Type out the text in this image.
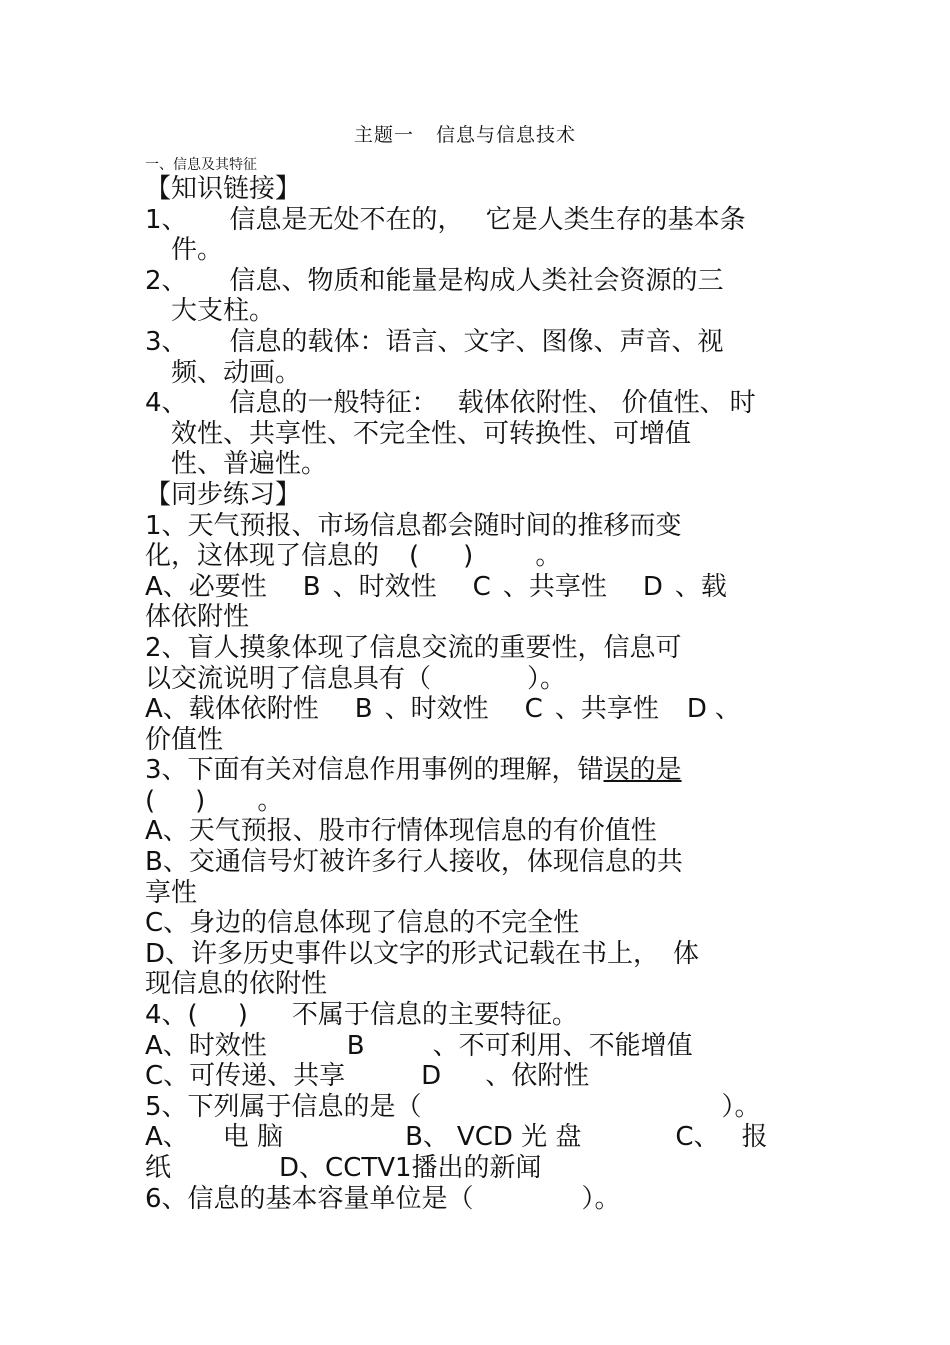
主题一 信息与信息技术
一、信息及其特征
【知识链接】
1、 信息是无处不在的， 它是人类生存的基本条
件。
2、 信息、物质和能量是构成人类社会资源的三
大支柱。
3、 信息的载体：语言、文字、图像、声音、视
频、动画。
4、 信息的一般特征： 载体依附性、 价值性、 时
效性、共享性、不完全性、可转换性、可增值
性、普遍性。
【同步练习】
1、天气预报、市场信息都会随时间的推移而变
化，这体现了信息的 ( ) 。
A、必要性 B 、时效性 C 、共享性 D 、载
体依附性
2、盲人摸象体现了信息交流的重要性，信息可
以交流说明了信息具有（	）。
A、载体依附性 B 、时效性 C 、共享性 D 、
价值性
3、下面有关对信息作用事例的理解，错误的是
( ) 。
A、天气预报、股市行情体现信息的有价值性
B、交通信号灯被许多行人接收，体现信息的共
享性
C、身边的信息体现了信息的不完全性
D、许多历史事件以文字的形式记载在书上， 体
现信息的依附性
4、( ) 不属于信息的主要特征。
A、时效性	B	、不可利用、不能增值
C、可传递、共享	D 、依附性
5、下列属于信息的是（	）。
A、 电 脑	B、 VCD 光 盘	C、 报
纸	D、CCTV1播出的新闻
6、信息的基本容量单位是（	）。
